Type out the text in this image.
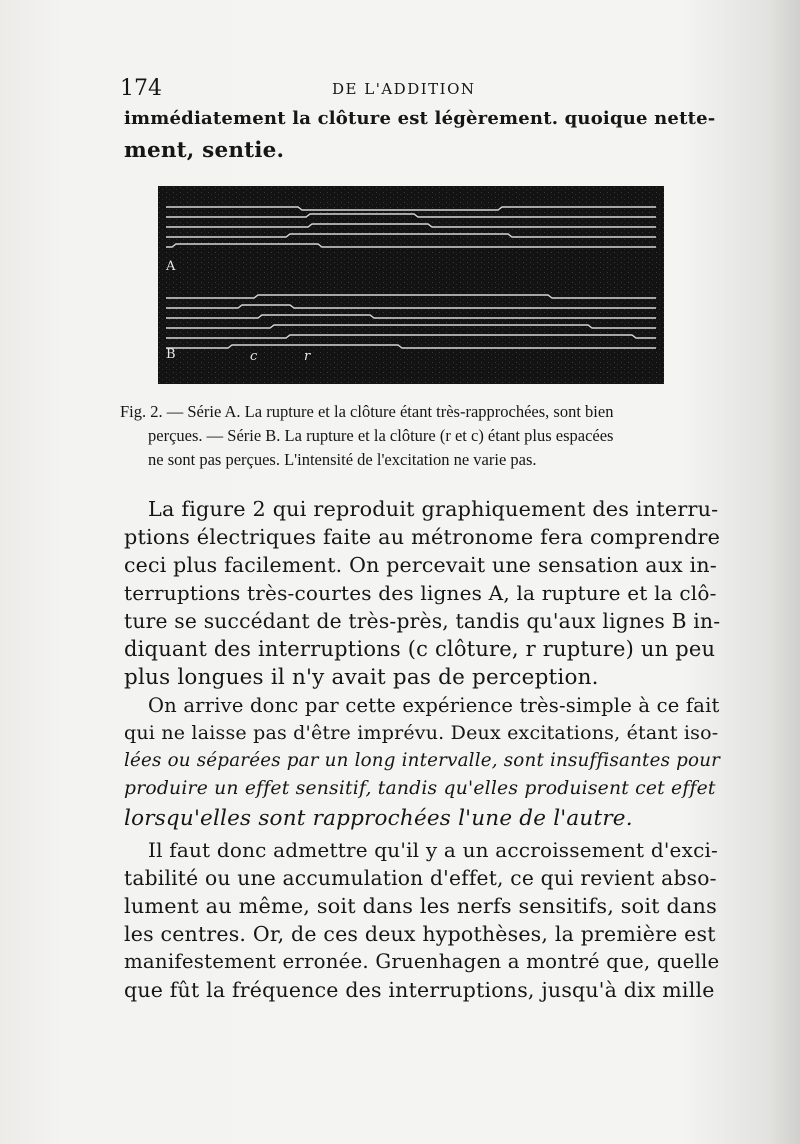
174	DE L'ADDITION
immédiatement la clôture est légèrement. quoique nette-
ment, sentie.
A
B	c	r
Fig. 2. — Série A. La rupture et la clôture étant très-rapprochées, sont bien
perçues. — Série B. La rupture et la clôture (r et c) étant plus espacées
ne sont pas perçues. L'intensité de l'excitation ne varie pas.
La figure 2 qui reproduit graphiquement des interru-
ptions électriques faite au métronome fera comprendre
ceci plus facilement. On percevait une sensation aux in-
terruptions très-courtes des lignes A, la rupture et la clô-
ture se succédant de très-près, tandis qu'aux lignes B in-
diquant des interruptions (c clôture, r rupture) un peu
plus longues il n'y avait pas de perception.
On arrive donc par cette expérience très-simple à ce fait
qui ne laisse pas d'être imprévu. Deux excitations, étant iso-
lées ou séparées par un long intervalle, sont insuffisantes pour
produire un effet sensitif, tandis qu'elles produisent cet effet
lorsqu'elles sont rapprochées l'une de l'autre.
Il faut donc admettre qu'il y a un accroissement d'exci-
tabilité ou une accumulation d'effet, ce qui revient abso-
lument au même, soit dans les nerfs sensitifs, soit dans
les centres. Or, de ces deux hypothèses, la première est
manifestement erronée. Gruenhagen a montré que, quelle
que fût la fréquence des interruptions, jusqu'à dix mille
